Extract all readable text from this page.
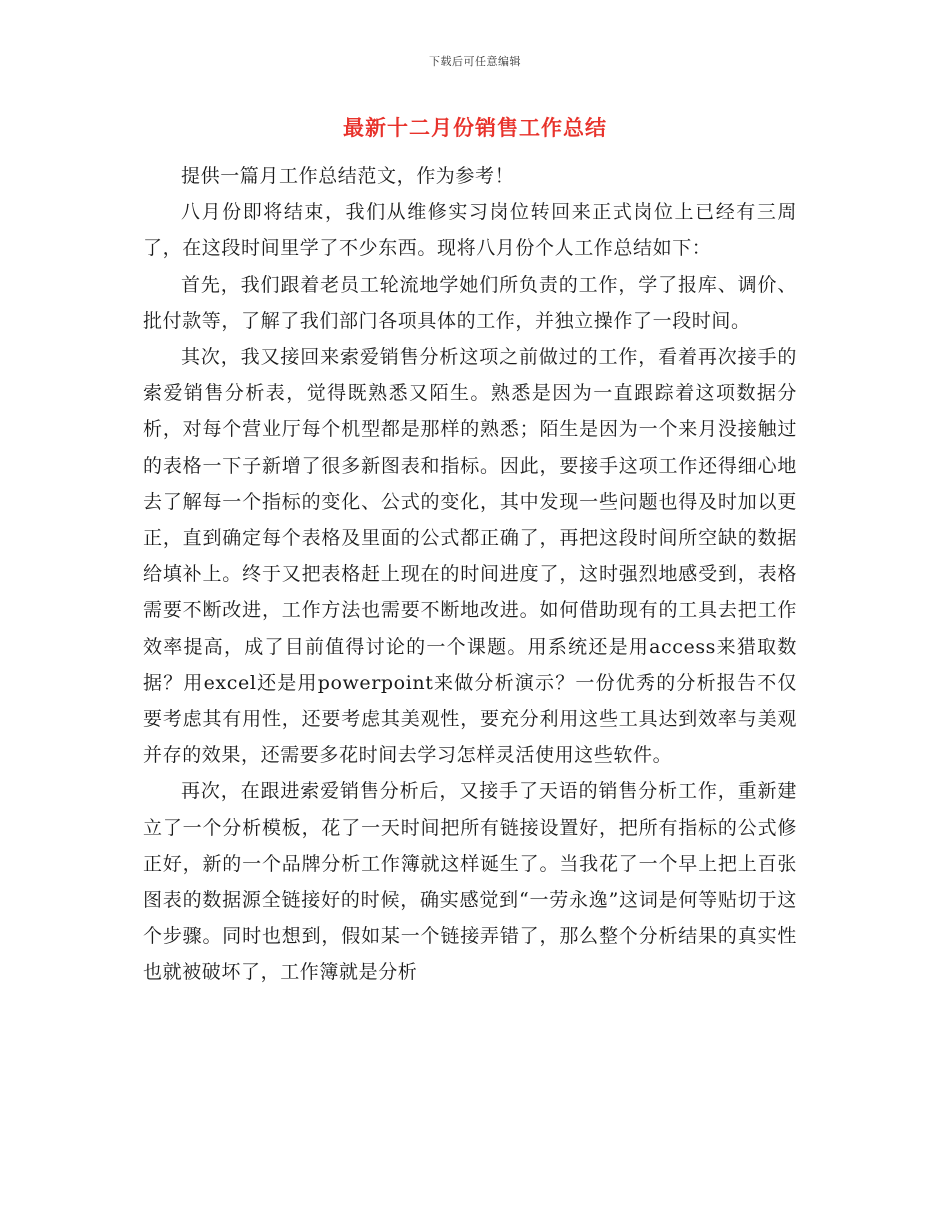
下载后可任意编辑
最新十二月份销售工作总结

提供一篇月工作总结范文，作为参考！

八月份即将结束，我们从维修实习岗位转回来正式岗位上已经有三周了，在这段时间里学了不少东西。现将八月份个人工作总结如下：

首先，我们跟着老员工轮流地学她们所负责的工作，学了报库、调价、批付款等，了解了我们部门各项具体的工作，并独立操作了一段时间。

其次，我又接回来索爱销售分析这项之前做过的工作，看着再次接手的索爱销售分析表，觉得既熟悉又陌生。熟悉是因为一直跟踪着这项数据分析，对每个营业厅每个机型都是那样的熟悉；陌生是因为一个来月没接触过的表格一下子新增了很多新图表和指标。因此，要接手这项工作还得细心地去了解每一个指标的变化、公式的变化，其中发现一些问题也得及时加以更正，直到确定每个表格及里面的公式都正确了，再把这段时间所空缺的数据给填补上。终于又把表格赶上现在的时间进度了，这时强烈地感受到，表格需要不断改进，工作方法也需要不断地改进。如何借助现有的工具去把工作效率提高，成了目前值得讨论的一个课题。用系统还是用access来猎取数据？用excel还是用powerpoint来做分析演示？一份优秀的分析报告不仅要考虑其有用性，还要考虑其美观性，要充分利用这些工具达到效率与美观并存的效果，还需要多花时间去学习怎样灵活使用这些软件。

再次，在跟进索爱销售分析后，又接手了天语的销售分析工作，重新建立了一个分析模板，花了一天时间把所有链接设置好，把所有指标的公式修正好，新的一个品牌分析工作簿就这样诞生了。当我花了一个早上把上百张图表的数据源全链接好的时候，确实感觉到“一劳永逸”这词是何等贴切于这个步骤。同时也想到，假如某一个链接弄错了，那么整个分析结果的真实性也就被破坏了，工作簿就是分析
